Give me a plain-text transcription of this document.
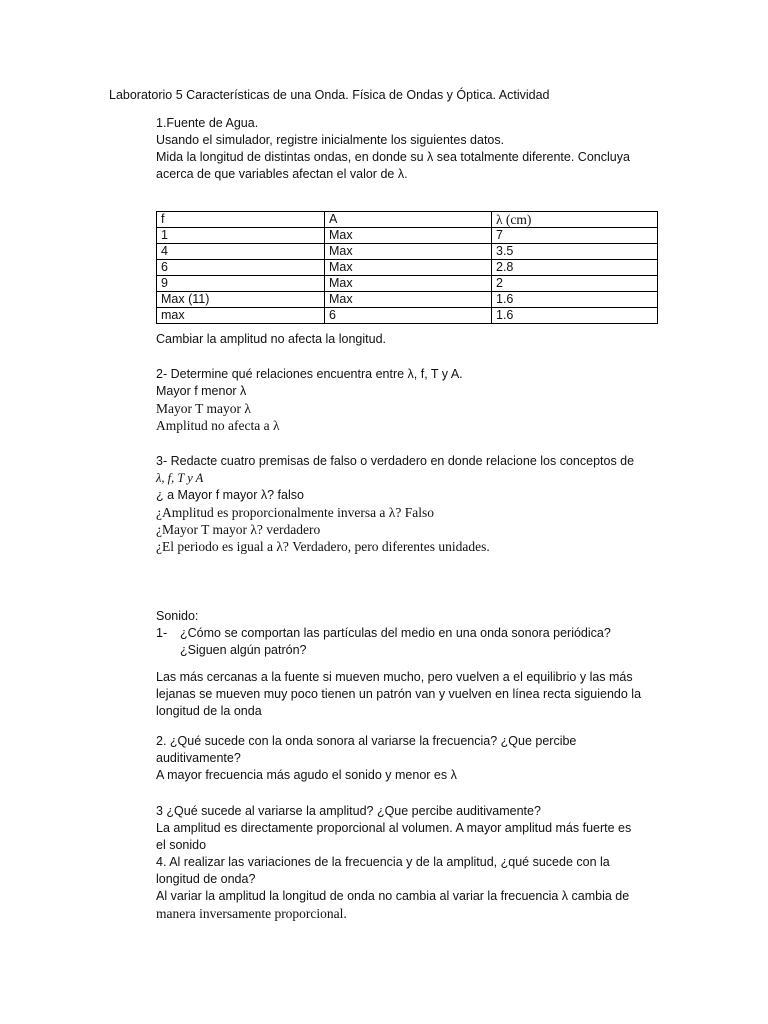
Laboratorio 5 Características de una Onda. Física de Ondas y Óptica. Actividad
1.Fuente de Agua.
Usando el simulador, registre inicialmente los siguientes datos.
Mida la longitud de distintas ondas, en donde su λ sea totalmente diferente. Concluya
acerca de que variables afectan el valor de λ.
f	A	λ (cm)
1	Max	7
4	Max	3.5
6	Max	2.8
9	Max	2
Max (11)	Max	1.6
max	6	1.6
Cambiar la amplitud no afecta la longitud.
2- Determine qué relaciones encuentra entre λ, f, T y A.
Mayor f menor λ
Mayor T mayor λ
Amplitud no afecta a λ
3- Redacte cuatro premisas de falso o verdadero en donde relacione los conceptos de
λ, f, T y A
¿ a Mayor f mayor λ? falso
¿Amplitud es proporcionalmente inversa a λ? Falso
¿Mayor T mayor λ? verdadero
¿El periodo es igual a λ? Verdadero, pero diferentes unidades.
Sonido:
1-	¿Cómo se comportan las partículas del medio en una onda sonora periódica?
¿Siguen algún patrón?
Las más cercanas a la fuente si mueven mucho, pero vuelven a el equilibrio y las más
lejanas se mueven muy poco tienen un patrón van y vuelven en línea recta siguiendo la
longitud de la onda
2. ¿Qué sucede con la onda sonora al variarse la frecuencia? ¿Que percibe
auditivamente?
A mayor frecuencia más agudo el sonido y menor es λ
3 ¿Qué sucede al variarse la amplitud? ¿Que percibe auditivamente?
La amplitud es directamente proporcional al volumen. A mayor amplitud más fuerte es
el sonido
4. Al realizar las variaciones de la frecuencia y de la amplitud, ¿qué sucede con la
longitud de onda?
Al variar la amplitud la longitud de onda no cambia al variar la frecuencia λ cambia de
manera inversamente proporcional.
